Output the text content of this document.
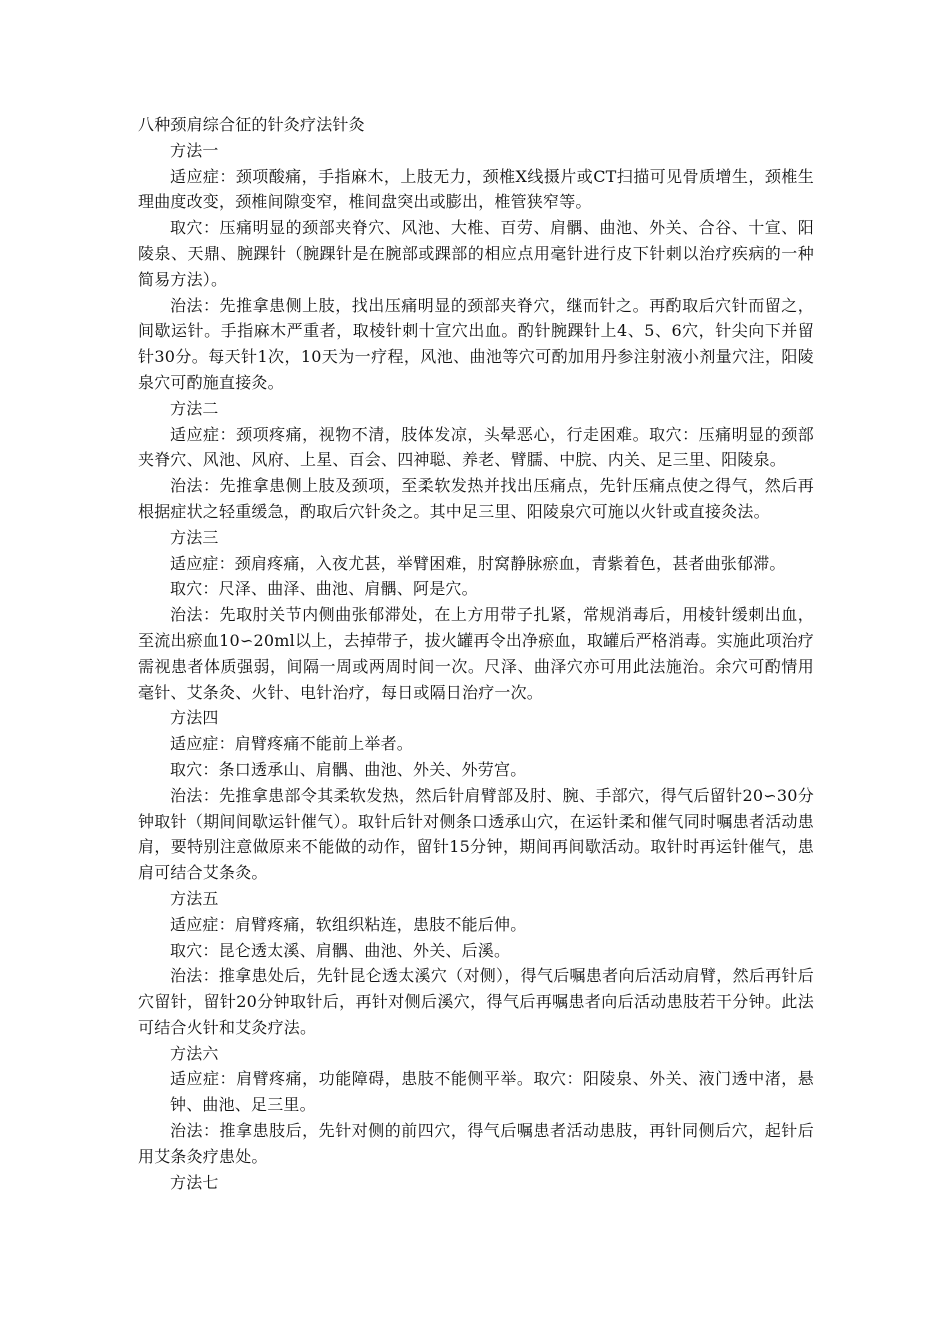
八种颈肩综合征的针灸疗法针灸

方法一

适应症：颈项酸痛，手指麻木，上肢无力，颈椎X线摄片或CT扫描可见骨质增生，颈椎生理曲度改变，颈椎间隙变窄，椎间盘突出或膨出，椎管狭窄等。

取穴：压痛明显的颈部夹脊穴、风池、大椎、百劳、肩髃、曲池、外关、合谷、十宣、阳陵泉、天鼎、腕踝针（腕踝针是在腕部或踝部的相应点用毫针进行皮下针刺以治疗疾病的一种简易方法）。

治法：先推拿患侧上肢，找出压痛明显的颈部夹脊穴，继而针之。再酌取后穴针而留之，间歇运针。手指麻木严重者，取棱针刺十宣穴出血。酌针腕踝针上4、5、6穴，针尖向下并留针30分。每天针1次，10天为一疗程，风池、曲池等穴可酌加用丹参注射液小剂量穴注，阳陵泉穴可酌施直接灸。

方法二

适应症：颈项疼痛，视物不清，肢体发凉，头晕恶心，行走困难。取穴：压痛明显的颈部夹脊穴、风池、风府、上星、百会、四神聪、养老、臂臑、中脘、内关、足三里、阳陵泉。

治法：先推拿患侧上肢及颈项，至柔软发热并找出压痛点，先针压痛点使之得气，然后再根据症状之轻重缓急，酌取后穴针灸之。其中足三里、阳陵泉穴可施以火针或直接灸法。

方法三

适应症：颈肩疼痛，入夜尤甚，举臂困难，肘窝静脉瘀血，青紫着色，甚者曲张郁滞。

取穴：尺泽、曲泽、曲池、肩髃、阿是穴。

治法：先取肘关节内侧曲张郁滞处，在上方用带子扎紧，常规消毒后，用棱针缓刺出血，至流出瘀血10∽20ml以上，去掉带子，拔火罐再令出净瘀血，取罐后严格消毒。实施此项治疗需视患者体质强弱，间隔一周或两周时间一次。尺泽、曲泽穴亦可用此法施治。余穴可酌情用毫针、艾条灸、火针、电针治疗，每日或隔日治疗一次。

方法四

适应症：肩臂疼痛不能前上举者。

取穴：条口透承山、肩髃、曲池、外关、外劳宫。

治法：先推拿患部令其柔软发热，然后针肩臂部及肘、腕、手部穴，得气后留针20∽30分钟取针（期间间歇运针催气）。取针后针对侧条口透承山穴，在运针柔和催气同时嘱患者活动患肩，要特别注意做原来不能做的动作，留针15分钟，期间再间歇活动。取针时再运针催气，患肩可结合艾条灸。

方法五

适应症：肩臂疼痛，软组织粘连，患肢不能后伸。

取穴：昆仑透太溪、肩髃、曲池、外关、后溪。

治法：推拿患处后，先针昆仑透太溪穴（对侧），得气后嘱患者向后活动肩臂，然后再针后穴留针，留针20分钟取针后，再针对侧后溪穴，得气后再嘱患者向后活动患肢若干分钟。此法可结合火针和艾灸疗法。

方法六

适应症：肩臂疼痛，功能障碍，患肢不能侧平举。取穴：阳陵泉、外关、液门透中渚，悬钟、曲池、足三里。

治法：推拿患肢后，先针对侧的前四穴，得气后嘱患者活动患肢，再针同侧后穴，起针后用艾条灸疗患处。

方法七
